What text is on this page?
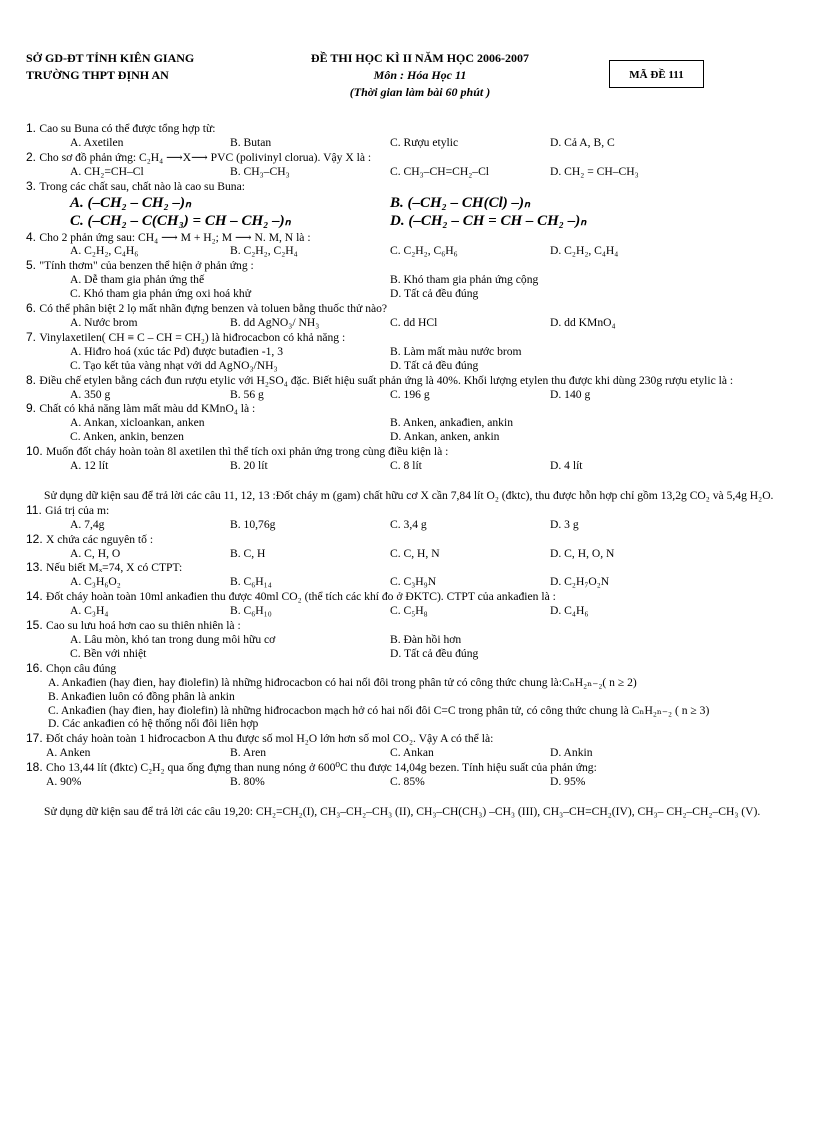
SỞ GD-ĐT TỈNH KIÊN GIANG
TRƯỜNG THPT ĐỊNH AN
ĐỀ THI HỌC KÌ II NĂM HỌC 2006-2007
Môn : Hóa Học 11
(Thời gian làm bài 60 phút )
MÃ ĐỀ 111
1. Cao su Buna có thể được tổng hợp từ:
A. Axetilen	B. Butan	C. Rượu etylic	D. Cả A, B, C
2. Cho sơ đồ phản ứng: C₂H₄ ⟶X⟶ PVC (polivinyl clorua). Vậy X là :
A. CH₂=CH–Cl	B. CH₃–CH₃	C. CH₃–CH=CH₂–Cl	D. CH₂ = CH–CH₃
3. Trong các chất sau, chất nào là cao su Buna:
A. (–CH₂ – CH₂ –)ₙ	B. (–CH₂ – CH(Cl) –)ₙ
C. (–CH₂ – C(CH₃) = CH – CH₂ –)ₙ	D. (–CH₂ – CH = CH – CH₂ –)ₙ
4. Cho 2 phản ứng sau: CH₄ ⟶ M + H₂; M ⟶ N. M, N là :
A. C₂H₂, C₄H₆	B. C₂H₂, C₂H₄	C. C₂H₂, C₆H₆	D. C₂H₂, C₄H₄
5. "Tính thơm" của benzen thể hiện ở phản ứng :
A. Dễ tham gia phản ứng thế	B. Khó tham gia phản ứng cộng
C. Khó tham gia phản ứng oxi hoá khử	D. Tất cả đều đúng
6. Có thể phân biệt 2 lọ mất nhãn đựng benzen và toluen bằng thuốc thử nào?
A. Nước brom	B. dd AgNO₃/ NH₃	C. dd HCl	D. dd KMnO₄
7. Vinylaxetilen( CH ≡ C – CH = CH₂) là hiđrocacbon có khả năng :
A. Hiđro hoá (xúc tác Pd) được butađien -1, 3	B. Làm mất màu nước brom
C. Tạo kết tủa vàng nhạt với dd AgNO₃/NH₃	D. Tất cả đều đúng
8. Điều chế etylen bằng cách đun rượu etylic với H₂SO₄ đặc. Biết hiệu suất phản ứng là 40%. Khối lượng etylen thu được khi dùng 230g rượu etylic là :
A. 350 g	B. 56 g	C. 196 g	D. 140 g
9. Chất có khả năng làm mất màu dd KMnO₄ là :
A. Ankan, xicloankan, anken	B. Anken, ankađien, ankin
C. Anken, ankin, benzen	D. Ankan, anken, ankin
10. Muốn đốt cháy hoàn toàn 8l axetilen thì thể tích oxi phản ứng trong cùng điều kiện là :
A. 12 lít	B. 20 lít	C. 8 lít	D. 4 lít
Sử dụng dữ kiện sau để trả lời các câu 11, 12, 13 :Đốt cháy m (gam) chất hữu cơ X cần 7,84 lít O₂ (đktc), thu được hỗn hợp chỉ gồm 13,2g CO₂ và 5,4g H₂O.
11. Giá trị của m:
A. 7,4g	B. 10,76g	C. 3,4 g	D. 3 g
12. X chứa các nguyên tố :
A. C, H, O	B. C, H	C. C, H, N	D. C, H, O, N
13. Nếu biết Mₓ=74, X có CTPT:
A. C₃H₆O₂	B. C₆H₁₄	C. C₃H₉N	D. C₂H₇O₂N
14. Đốt cháy hoàn toàn 10ml ankađien thu được 40ml CO₂ (thể tích các khí đo ở ĐKTC). CTPT của ankađien là :
A. C₃H₄	B. C₆H₁₀	C. C₅H₈	D. C₄H₆
15. Cao su lưu hoá hơn cao su thiên nhiên là :
A. Lâu mòn, khó tan trong dung môi hữu cơ	B. Đàn hồi hơn
C. Bền với nhiệt	D. Tất cả đều đúng
16. Chọn câu đúng
A. Ankađien (hay đien, hay điolefin) là những hiđrocacbon có hai nối đôi trong phân tử có công thức chung là:CₙH₂ₙ₋₂( n ≥ 2)
B. Ankađien luôn có đồng phân là ankin
C. Ankađien (hay đien, hay điolefin) là những hiđrocacbon mạch hở có hai nối đôi C=C trong phân tử, có công thức chung là CₙH₂ₙ₋₂ ( n ≥ 3)
D. Các ankađien có hệ thống nối đôi liên hợp
17. Đốt cháy hoàn toàn 1 hiđrocacbon A thu được số mol H₂O lớn hơn số mol CO₂. Vậy A có thể là:
A. Anken	B. Aren	C. Ankan	D. Ankin
18. Cho 13,44 lít (đktc) C₂H₂ qua ống đựng than nung nóng ở 600⁰C thu được 14,04g bezen. Tính hiệu suất của phản ứng:
A. 90%	B. 80%	C. 85%	D. 95%
Sử dụng dữ kiện sau để trả lời các câu 19,20: CH₂=CH₂(I), CH₃–CH₂–CH₃ (II), CH₃–CH(CH₃) –CH₃ (III), CH₃–CH=CH₂(IV), CH₃– CH₂–CH₂–CH₃ (V).
